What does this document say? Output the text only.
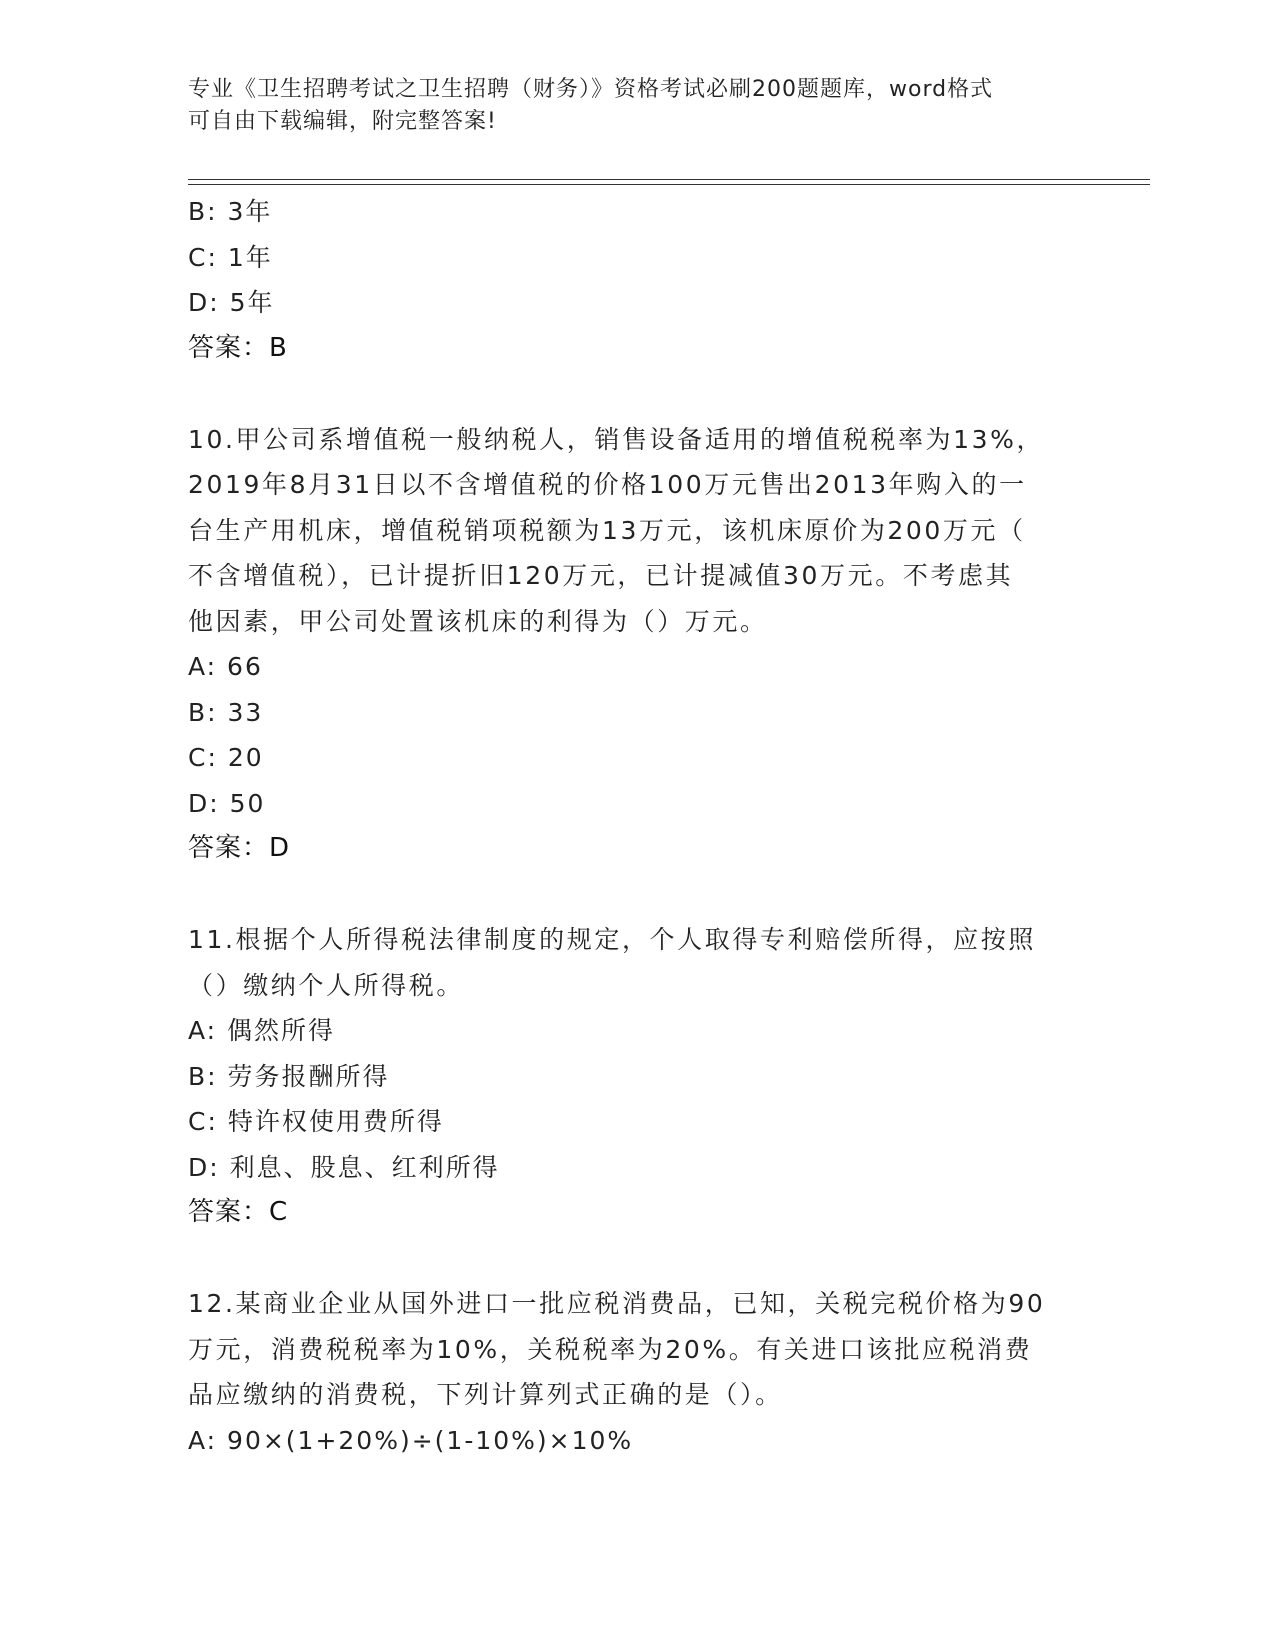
专业《卫生招聘考试之卫生招聘（财务）》资格考试必刷200题题库，word格式
可自由下载编辑，附完整答案!
B: 3年
C: 1年
D: 5年
答案：B
10.甲公司系增值税一般纳税人，销售设备适用的增值税税率为13%，
2019年8月31日以不含增值税的价格100万元售出2013年购入的一
台生产用机床，增值税销项税额为13万元，该机床原价为200万元（
不含增值税），已计提折旧120万元，已计提减值30万元。不考虑其
他因素，甲公司处置该机床的利得为（）万元。
A: 66
B: 33
C: 20
D: 50
答案：D
11.根据个人所得税法律制度的规定，个人取得专利赔偿所得，应按照
（）缴纳个人所得税。
A: 偶然所得
B: 劳务报酬所得
C: 特许权使用费所得
D: 利息、股息、红利所得
答案：C
12.某商业企业从国外进口一批应税消费品，已知，关税完税价格为90
万元，消费税税率为10%，关税税率为20%。有关进口该批应税消费
品应缴纳的消费税，下列计算列式正确的是（）。
A: 90×(1+20%)÷(1-10%)×10%
